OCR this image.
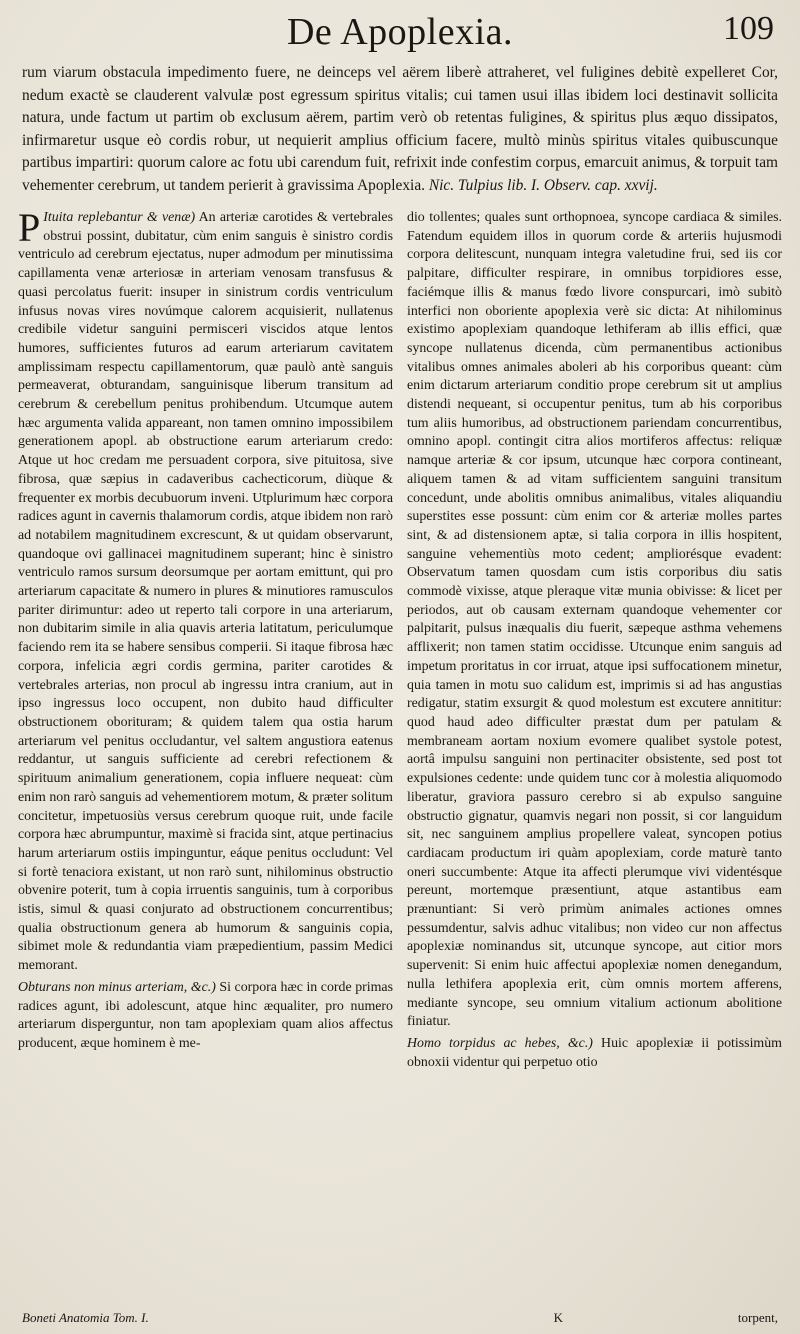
De Apoplexia.	109
rum viarum obstacula impedimento fuere, ne deinceps vel aërem liberè attraheret, vel fuligines debitè expelleret Cor, nedum exactè se clauderent valvulæ post egressum spiritus vitalis; cui tamen usui illas ibidem loci destinavit sollicita natura, unde factum ut partim ob exclusum aërem, partim verò ob retentas fuligines, & spiritus plus æquo dissipatos, infirmaretur usque eò cordis robur, ut nequierit amplius officium facere, multò minùs spiritus vitales quibuscunque partibus impartiri: quorum calore ac fotu ubi carendum fuit, refrixit inde confestim corpus, emarcuit animus, & torpuit tam vehementer cerebrum, ut tandem perierit à gravissima Apoplexia. Nic. Tulpius lib. I. Observ. cap. xxvij.

P Ituita replebantur & venæ) An arteriæ carotides & vertebrales obstrui possint, dubitatur, cùm enim sanguis è sinistro cordis ventriculo ad cerebrum ejectatus, nuper admodum per minutissima capillamenta venæ arteriosæ in arteriam venosam transfusus & quasi percolatus fuerit: insuper in sinistrum cordis ventriculum infusus novas vires novúmque calorem acquisierit, nullatenus credibile videtur sanguini permisceri viscidos atque lentos humores, sufficientes futuros ad earum arteriarum cavitatem amplissimam respectu capillamentorum, quæ paulò antè sanguis permeaverat, obturandam, sanguinisque liberum transitum ad cerebrum & cerebellum penitus prohibendum. Utcumque autem hæc argumenta valida appareant, non tamen omnino impossibilem generationem apopl. ab obstructione earum arteriarum credo: Atque ut hoc credam me persuadent corpora, sive pituitosa, sive fibrosa, quæ sæpius in cadaveribus cachecticorum, diùque & frequenter ex morbis decubuorum inveni. Utplurimum hæc corpora radices agunt in cavernis thalamorum cordis, atque ibidem non rarò ad notabilem magnitudinem excrescunt, & ut quidam observarunt, quandoque ovi gallinacei magnitudinem superant; hinc è sinistro ventriculo ramos sursum deorsumque per aortam emittunt, qui pro arteriarum capacitate & numero in plures & minutiores ramusculos pariter dirimuntur: adeo ut reperto tali corpore in una arteriarum, non dubitarim simile in alia quavis arteria latitatum, periculumque faciendo rem ita se habere sensibus comperii. Si itaque fibrosa hæc corpora, infelicia ægri cordis germina, pariter carotides & vertebrales arterias, non procul ab ingressu intra cranium, aut in ipso ingressus loco occupent, non dubito haud difficulter obstructionem oborituram; & quidem talem qua ostia harum arteriarum vel penitus occludantur, vel saltem angustiora eatenus reddantur, ut sanguis sufficiente ad cerebri refectionem & spirituum animalium generationem, copia influere nequeat: cùm enim non rarò sanguis ad vehementiorem motum, & præter solitum concitetur, impetuosiùs versus cerebrum quoque ruit, unde facile corpora hæc abrumpuntur, maximè si fracida sint, atque pertinacius harum arteriarum ostiis impinguntur, eáque penitus occludunt: Vel si fortè tenaciora existant, ut non rarò sunt, nihilominus obstructio obvenire poterit, tum à copia irruentis sanguinis, tum à corporibus istis, simul & quasi conjurato ad obstructionem concurrentibus; qualia obstructionum genera ab humorum & sanguinis copia, sibimet mole & redundantia viam præpedientium, passim Medici memorant.

Obturans non minus arteriam, &c.) Si corpora hæc in corde primas radices agunt, ibi adolescunt, atque hinc æqualiter, pro numero arteriarum disperguntur, non tam apoplexiam quam alios affectus producent, æque hominem è me-

dio tollentes; quales sunt orthopnoea, syncope cardiaca & similes. Fatendum equidem illos in quorum corde & arteriis hujusmodi corpora delitescunt, nunquam integra valetudine frui, sed iis cor palpitare, difficulter respirare, in omnibus torpidiores esse, faciémque illis & manus fœdo livore conspurcari, imò subitò interfici non oboriente apoplexia verè sic dicta: At nihilominus existimo apoplexiam quandoque lethiferam ab illis effici, quæ syncope nullatenus dicenda, cùm permanentibus actionibus vitalibus omnes animales aboleri ab his corporibus queant: cùm enim dictarum arteriarum conditio prope cerebrum sit ut amplius distendi nequeant, si occupentur penitus, tum ab his corporibus tum aliis humoribus, ad obstructionem pariendam concurrentibus, omnino apopl. contingit citra alios mortiferos affectus: reliquæ namque arteriæ & cor ipsum, utcunque hæc corpora contineant, aliquem tamen & ad vitam sufficientem sanguini transitum concedunt, unde abolitis omnibus animalibus, vitales aliquandiu superstites esse possunt: cùm enim cor & arteriæ molles partes sint, & ad distensionem aptæ, si talia corpora in illis hospitent, sanguine vehementiùs moto cedent; ampliorésque evadent: Observatum tamen quosdam cum istis corporibus diu satis commodè vixisse, atque pleraque vitæ munia obivisse: & licet per periodos, aut ob causam externam quandoque vehementer cor palpitarit, pulsus inæqualis diu fuerit, sæpeque asthma vehemens afflixerit; non tamen statim occidisse. Utcunque enim sanguis ad impetum proritatus in cor irruat, atque ipsi suffocationem minetur, quia tamen in motu suo calidum est, imprimis si ad has angustias redigatur, statim exsurgit & quod molestum est excutere annititur: quod haud adeo difficulter præstat dum per patulam & membraneam aortam noxium evomere qualibet systole potest, aortâ impulsu sanguini non pertinaciter obsistente, sed post tot expulsiones cedente: unde quidem tunc cor à molestia aliquomodo liberatur, graviora passuro cerebro si ab expulso sanguine obstructio gignatur, quamvis negari non possit, si cor languidum sit, nec sanguinem amplius propellere valeat, syncopen potius cardiacam productum iri quàm apoplexiam, corde maturè tanto oneri succumbente: Atque ita affecti plerumque vivi videntésque pereunt, mortemque præsentiunt, atque astantibus eam prænuntiant: Si verò primùm animales actiones omnes pessumdentur, salvis adhuc vitalibus; non video cur non affectus apoplexiæ nominandus sit, utcunque syncope, aut citior mors supervenit: Si enim huic affectui apoplexiæ nomen denegandum, nulla lethifera apoplexia erit, cùm omnis mortem afferens, mediante syncope, seu omnium vitalium actionum abolitione finiatur.

Homo torpidus ac hebes, &c.) Huic apoplexiæ ii potissimùm obnoxii videntur qui perpetuo otio

Boneti Anatomia Tom. I.	K	torpent,
